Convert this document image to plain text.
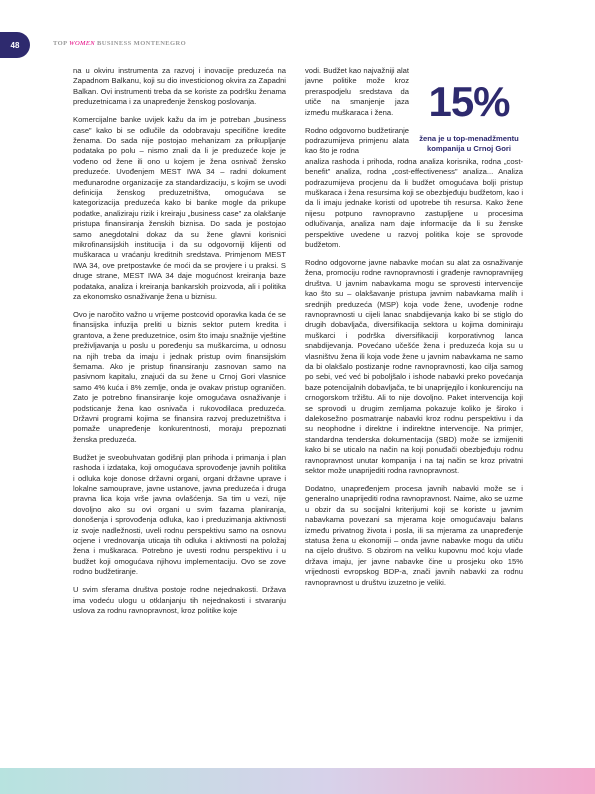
48	TOP WOMEN BUSINESS MONTENEGRO

na u okviru instrumenta za razvoj i inovacije preduzeća na Zapadnom Balkanu, koji su dio investicionog okvira za Zapadni Balkan. Ovi instrumenti treba da se koriste za podršku ženama preduzetnicama i za unapređenje ženskog poslovanja.

Komercijalne banke uvijek kažu da im je potreban „business case” kako bi se odlučile da odobravaju specifične kredite ženama. Do sada nije postojao mehanizam za prikupljanje podataka po polu – nismo znali da li je preduzeće koje je vođeno od žene ili ono u kojem je žena osnivač žensko preduzeće. Uvođenjem MEST IWA 34 – radni dokument međunarodne organizacije za standardizaciju, s kojim se uvodi definicija ženskog preduzetništva, omogućava se kategorizacija preduzeća kako bi banke mogle da prikupe podatke, analiziraju rizik i kreiraju „business case” za olakšanje pristupa finansiranja ženskih biznisa. Do sada je postojao samo anegdotalni dokaz da su žene glavni korisnici mikrofinansijskih institucija i da su odgovorniji klijenti od muškaraca u vraćanju kreditnih sredstava. Primjenom MEST IWA 34, ove pretpostavke će moći da se provjere i u praksi. S druge strane, MEST IWA 34 daje mogućnost kreiranja baze podataka, analiza i kreiranja bankarskih proizvoda, ali i politika za ekonomsko osnaživanje žena u biznisu.

Ovo je naročito važno u vrijeme postcovid oporavka kada će se finansijska infuzija preliti u biznis sektor putem kredita i grantova, a žene preduzetnice, osim što imaju snažnije vještine preživljavanja u poslu u poređenju sa muškarcima, u odnosu na njih treba da imaju i jednak pristup ovim finansijskim šemama. Ako je pristup finansiranju zasnovan samo na pasivnom kapitalu, znajući da su žene u Crnoj Gori vlasnice samo 4% kuća i 8% zemlje, onda je ovakav pristup ograničen. Zato je potrebno finansiranje koje omogućava osnaživanje i podsticanje žena kao osnivača i rukovodilaca preduzeća. Državni programi kojima se finansira razvoj preduzetništva i pomaže unapređenje konkurentnosti, moraju prepoznati ženska preduzeća.

Budžet je sveobuhvatan godišnji plan prihoda i primanja i plan rashoda i izdataka, koji omogućava sprovođenje javnih politika i odluka koje donose državni organi, organi državne uprave i lokalne samouprave, javne ustanove, javna preduzeća i druga pravna lica koja vrše javna ovlašćenja. Sa tim u vezi, nije dovoljno ako su ovi organi u svim fazama planiranja, donošenja i sprovođenja odluka, kao i preduzimanja aktivnosti iz svoje nadležnosti, uveli rodnu perspektivu samo na osnovu ocjene i vrednovanja uticaja tih odluka i aktivnosti na položaj žena i muškaraca. Potrebno je uvesti rodnu perspektivu i u budžet koji omogućava njihovu implementaciju. Ovo se zove rodno budžetiranje.

U svim sferama društva postoje rodne nejednakosti. Država ima vodeću ulogu u otklanjanju tih nejednakosti i stvaranju uslova za rodnu ravnopravnost, kroz politike koje

vodi. Budžet kao najvažniji alat javne politike može kroz preraspodjelu sredstava da utiče na smanjenje jaza između muškaraca i žena.

Rodno odgovorno budžetiranje podrazumijeva primjenu alata kao što je rodna

15%
žena je u top-menadžmentu kompanija u Crnoj Gori

analiza rashoda i prihoda, rodna analiza korisnika, rodna „cost-benefit” analiza, rodna „cost-effectiveness” analiza... Analiza podrazumijeva procjenu da li budžet omogućava bolji pristup muškaraca i žena resursima koji se obezbjeđuju budžetom, kao i da li imaju jednake koristi od upotrebe tih resursa. Kako žene nijesu potpuno ravnopravno zastupljene u procesima odlučivanja, analiza nam daje informacije da li su ženske perspektive uvedene u razvoj politika koje se sprovode budžetom.

Rodno odgovorne javne nabavke moćan su alat za osnaživanje žena, promociju rodne ravnopravnosti i građenje ravnopravnijeg društva. U javnim nabavkama mogu se sprovesti intervencije kao što su – olakšavanje pristupa javnim nabavkama malih i srednjih preduzeća (MSP) koja vode žene, uvođenje rodne ravnopravnosti u cijeli lanac snabdijevanja kako bi se stiglo do drugih dobavljača, diversifikacija sektora u kojima dominiraju muškarci i podrška diversifikaciji korporativnog lanca snabdijevanja. Povećano učešće žena i preduzeća koja su u vlasništvu žena ili koja vode žene u javnim nabavkama ne samo da bi olakšalo postizanje rodne ravnopravnosti, kao cilja samog po sebi, već već bi poboljšalo i ishode nabavki preko povećanja baze potencijalnih dobavljača, te bi unapriједilo i konkurenciju na crnogorskom tržištu. Ali to nije dovoljno. Paket intervencija koji se sprovodi u drugim zemljama pokazuje koliko je široko i dalekosežno posmatranje nabavki kroz rodnu perspektivu i da su neophodne i direktne i indirektne intervencije. Na primjer, standardna tenderska dokumentacija (SBD) može se izmijeniti kako bi se uticalo na način na koji ponuđači obezbjeđuju rodnu ravnopravnost unutar kompanija i na taj način se kroz privatni sektor može unaprijediti rodna ravnopravnost.

Dodatno, unapređenjem procesa javnih nabavki može se i generalno unaprijediti rodna ravnopravnost. Naime, ako se uzme u obzir da su socijalni kriterijumi koji se koriste u javnim nabavkama povezani sa mjerama koje omogućavaju balans između privatnog života i posla, ili sa mjerama za unapređenje statusa žena u ekonomiji – onda javne nabavke mogu da utiču na cijelo društvo. S obzirom na veliku kupovnu moć koju vlade država imaju, jer javne nabavke čine u prosjeku oko 15% vrijednosti evropskog BDP-a, znači javnih nabavki za rodnu ravnopravnost u društvu izuzetno je veliki.
